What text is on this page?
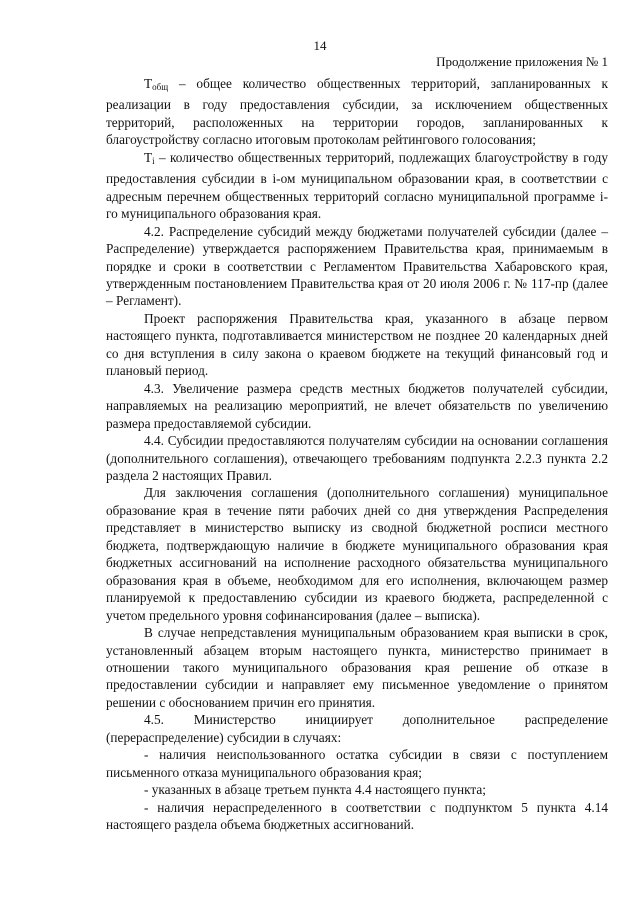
14
Продолжение приложения № 1

$Т_{общ}$ – общее количество общественных территорий, запланированных к реализации в году предоставления субсидии, за исключением общественных территорий, расположенных на территории городов, запланированных к благоустройству согласно итоговым протоколам рейтингового голосования;

$Т_i$ – количество общественных территорий, подлежащих благоустройству в году предоставления субсидии в i-ом муниципальном образовании края, в соответствии с адресным перечнем общественных территорий согласно муниципальной программе i-го муниципального образования края.

4.2. Распределение субсидий между бюджетами получателей субсидии (далее – Распределение) утверждается распоряжением Правительства края, принимаемым в порядке и сроки в соответствии с Регламентом Правительства Хабаровского края, утвержденным постановлением Правительства края от 20 июля 2006 г. № 117-пр (далее – Регламент).

Проект распоряжения Правительства края, указанного в абзаце первом настоящего пункта, подготавливается министерством не позднее 20 календарных дней со дня вступления в силу закона о краевом бюджете на текущий финансовый год и плановый период.

4.3. Увеличение размера средств местных бюджетов получателей субсидии, направляемых на реализацию мероприятий, не влечет обязательств по увеличению размера предоставляемой субсидии.

4.4. Субсидии предоставляются получателям субсидии на основании соглашения (дополнительного соглашения), отвечающего требованиям подпункта 2.2.3 пункта 2.2 раздела 2 настоящих Правил.

Для заключения соглашения (дополнительного соглашения) муниципальное образование края в течение пяти рабочих дней со дня утверждения Распределения представляет в министерство выписку из сводной бюджетной росписи местного бюджета, подтверждающую наличие в бюджете муниципального образования края бюджетных ассигнований на исполнение расходного обязательства муниципального образования края в объеме, необходимом для его исполнения, включающем размер планируемой к предоставлению субсидии из краевого бюджета, распределенной с учетом предельного уровня софинансирования (далее – выписка).

В случае непредставления муниципальным образованием края выписки в срок, установленный абзацем вторым настоящего пункта, министерство принимает в отношении такого муниципального образования края решение об отказе в предоставлении субсидии и направляет ему письменное уведомление о принятом решении с обоснованием причин его принятия.

4.5. Министерство инициирует дополнительное распределение (перераспределение) субсидии в случаях:

- наличия неиспользованного остатка субсидии в связи с поступлением письменного отказа муниципального образования края;

- указанных в абзаце третьем пункта 4.4 настоящего пункта;

- наличия нераспределенного в соответствии с подпунктом 5 пункта 4.14 настоящего раздела объема бюджетных ассигнований.
